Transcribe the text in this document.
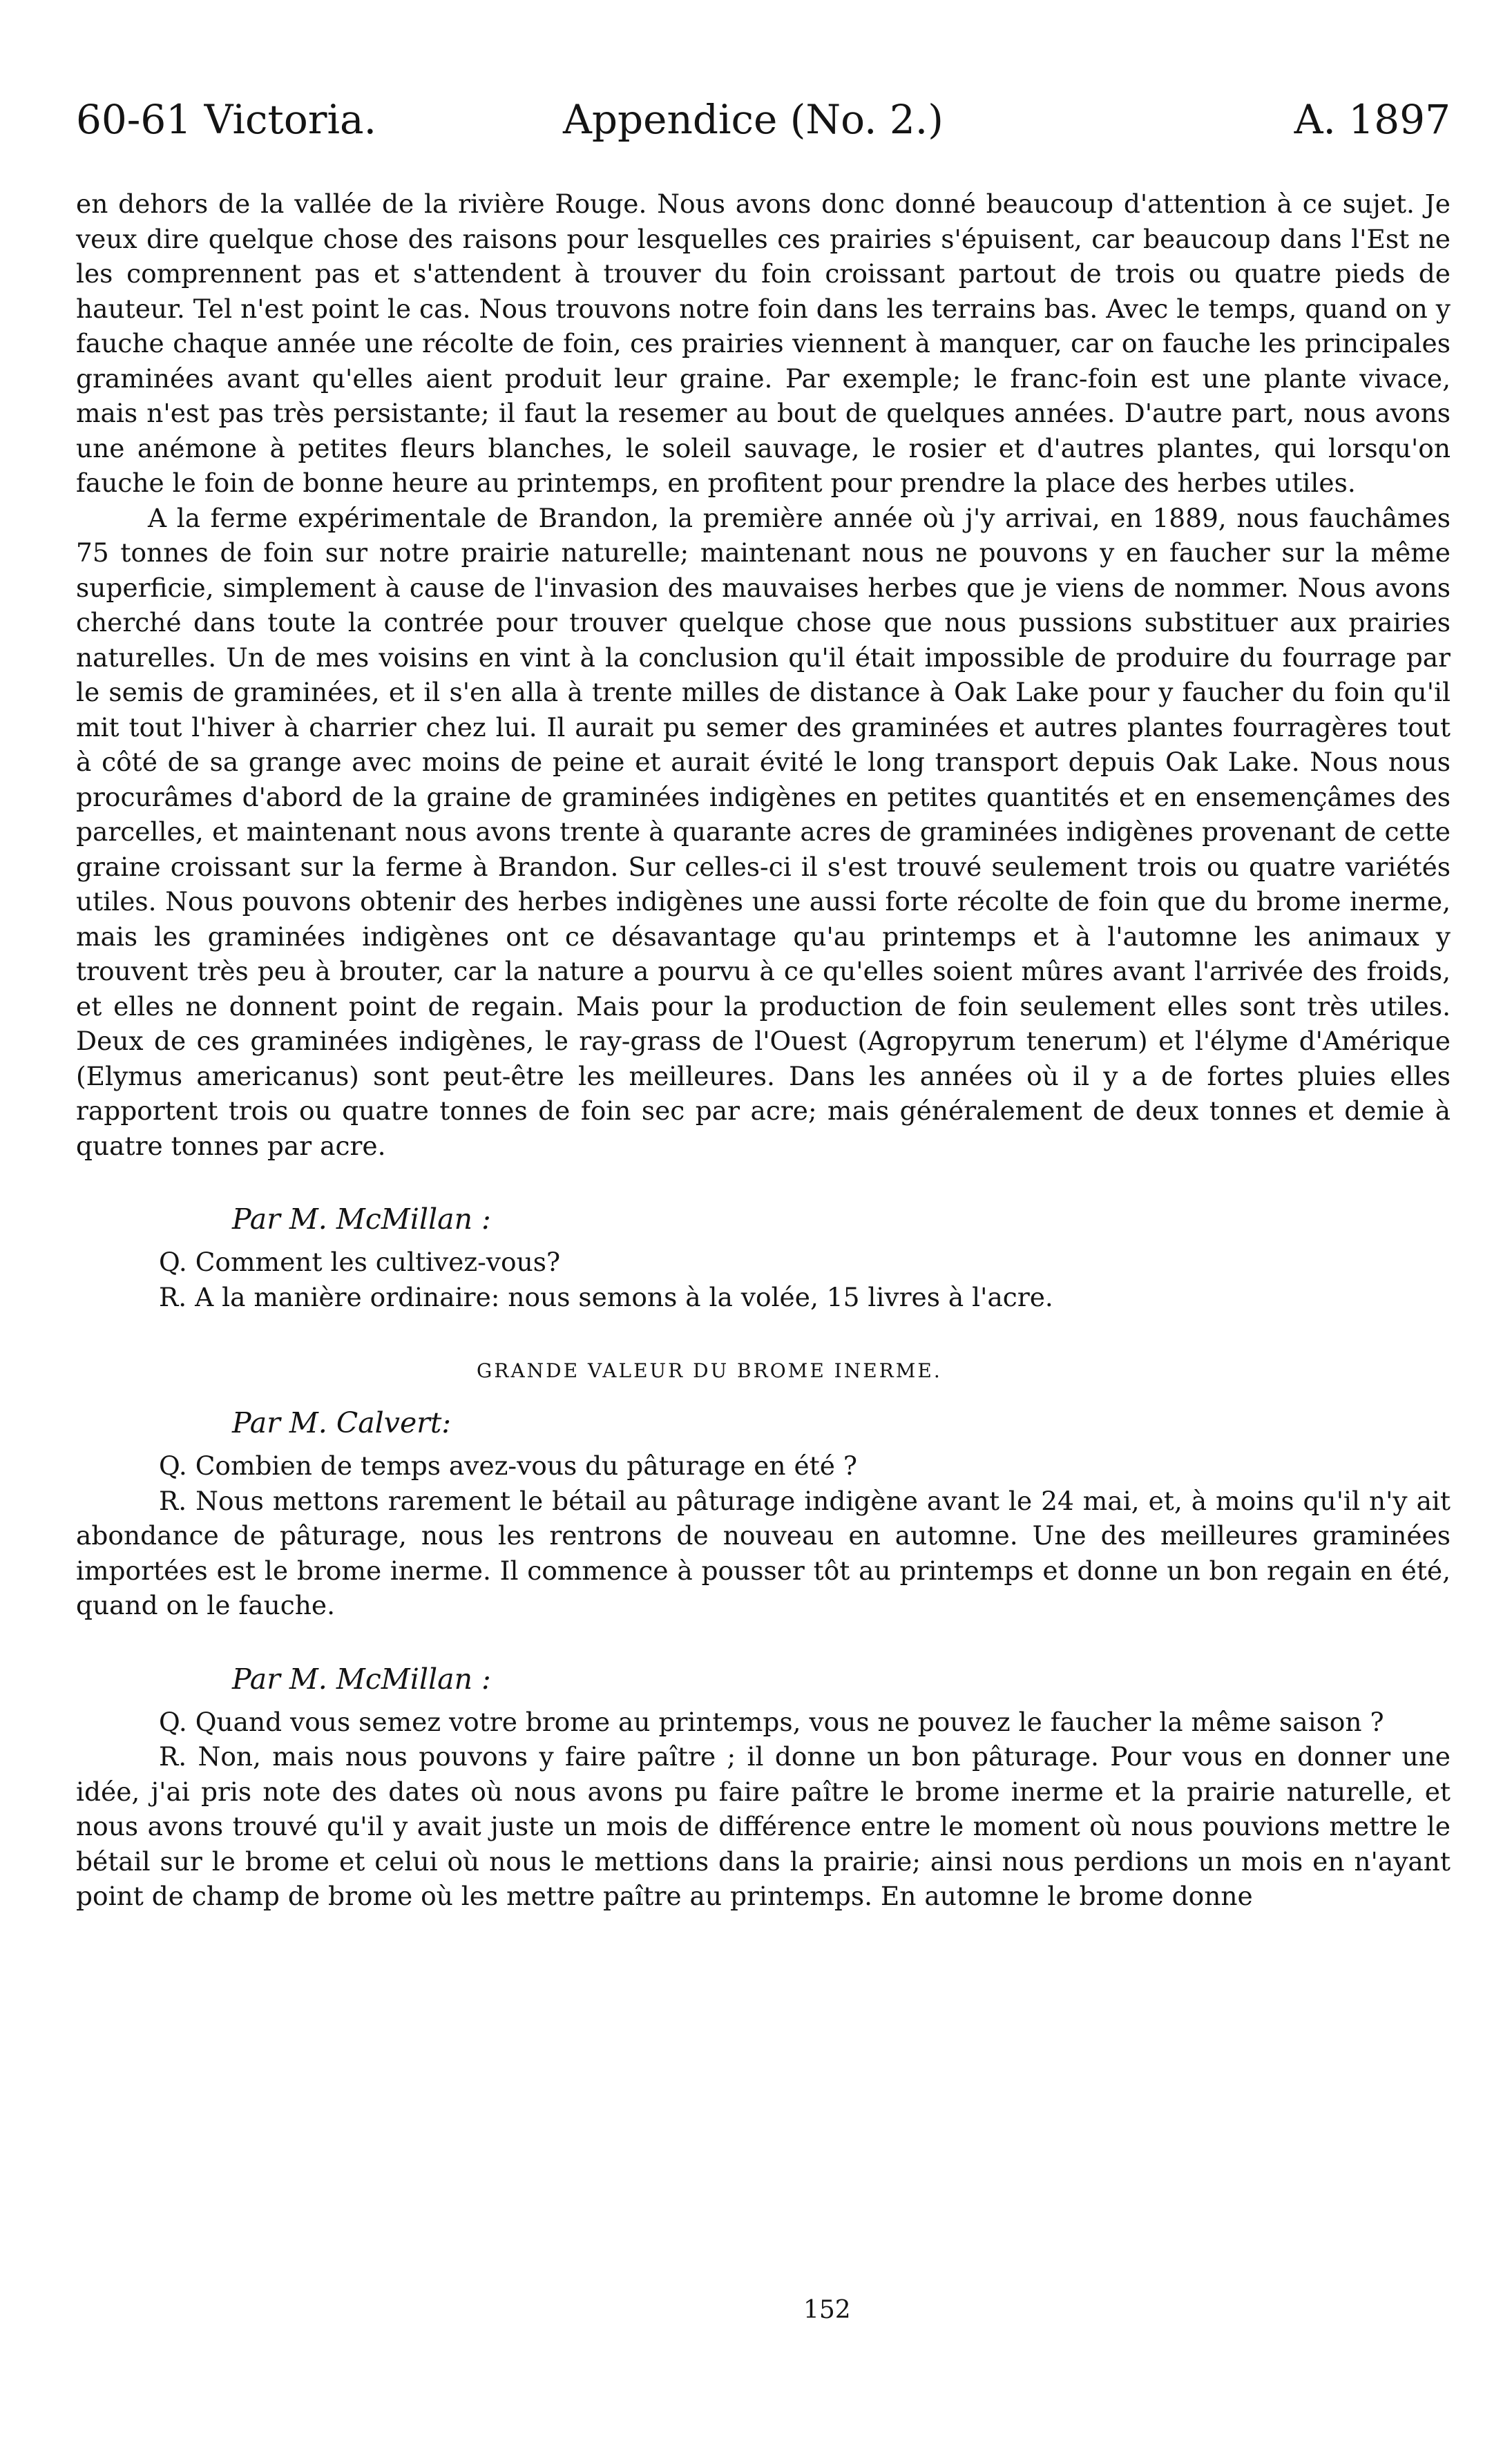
60-61 Victoria.	Appendice (No. 2.)	A. 1897

en dehors de la vallée de la rivière Rouge. Nous avons donc donné beaucoup d'attention à ce sujet. Je veux dire quelque chose des raisons pour lesquelles ces prairies s'épuisent, car beaucoup dans l'Est ne les comprennent pas et s'attendent à trouver du foin croissant partout de trois ou quatre pieds de hauteur. Tel n'est point le cas. Nous trouvons notre foin dans les terrains bas. Avec le temps, quand on y fauche chaque année une récolte de foin, ces prairies viennent à manquer, car on fauche les principales graminées avant qu'elles aient produit leur graine. Par exemple; le franc-foin est une plante vivace, mais n'est pas très persistante; il faut la resemer au bout de quelques années. D'autre part, nous avons une anémone à petites fleurs blanches, le soleil sauvage, le rosier et d'autres plantes, qui lorsqu'on fauche le foin de bonne heure au printemps, en profitent pour prendre la place des herbes utiles.

A la ferme expérimentale de Brandon, la première année où j'y arrivai, en 1889, nous fauchâmes 75 tonnes de foin sur notre prairie naturelle; maintenant nous ne pouvons y en faucher sur la même superficie, simplement à cause de l'invasion des mauvaises herbes que je viens de nommer. Nous avons cherché dans toute la contrée pour trouver quelque chose que nous pussions substituer aux prairies naturelles. Un de mes voisins en vint à la conclusion qu'il était impossible de produire du fourrage par le semis de graminées, et il s'en alla à trente milles de distance à Oak Lake pour y faucher du foin qu'il mit tout l'hiver à charrier chez lui. Il aurait pu semer des graminées et autres plantes fourragères tout à côté de sa grange avec moins de peine et aurait évité le long transport depuis Oak Lake. Nous nous procurâmes d'abord de la graine de graminées indigènes en petites quantités et en ensemençâmes des parcelles, et maintenant nous avons trente à quarante acres de graminées indigènes provenant de cette graine croissant sur la ferme à Brandon. Sur celles-ci il s'est trouvé seulement trois ou quatre variétés utiles. Nous pouvons obtenir des herbes indigènes une aussi forte récolte de foin que du brome inerme, mais les graminées indigènes ont ce désavantage qu'au printemps et à l'automne les animaux y trouvent très peu à brouter, car la nature a pourvu à ce qu'elles soient mûres avant l'arrivée des froids, et elles ne donnent point de regain. Mais pour la production de foin seulement elles sont très utiles. Deux de ces graminées indigènes, le ray-grass de l'Ouest (Agropyrum tenerum) et l'élyme d'Amérique (Elymus americanus) sont peut-être les meilleures. Dans les années où il y a de fortes pluies elles rapportent trois ou quatre tonnes de foin sec par acre; mais généralement de deux tonnes et demie à quatre tonnes par acre.

Par M. McMillan :

Q. Comment les cultivez-vous?

R. A la manière ordinaire: nous semons à la volée, 15 livres à l'acre.

GRANDE VALEUR DU BROME INERME.
Par M. Calvert:

Q. Combien de temps avez-vous du pâturage en été ?

R. Nous mettons rarement le bétail au pâturage indigène avant le 24 mai, et, à moins qu'il n'y ait abondance de pâturage, nous les rentrons de nouveau en automne. Une des meilleures graminées importées est le brome inerme. Il commence à pousser tôt au printemps et donne un bon regain en été, quand on le fauche.

Par M. McMillan :

Q. Quand vous semez votre brome au printemps, vous ne pouvez le faucher la même saison ?

R. Non, mais nous pouvons y faire paître ; il donne un bon pâturage. Pour vous en donner une idée, j'ai pris note des dates où nous avons pu faire paître le brome inerme et la prairie naturelle, et nous avons trouvé qu'il y avait juste un mois de différence entre le moment où nous pouvions mettre le bétail sur le brome et celui où nous le mettions dans la prairie; ainsi nous perdions un mois en n'ayant point de champ de brome où les mettre paître au printemps. En automne le brome donne

152
